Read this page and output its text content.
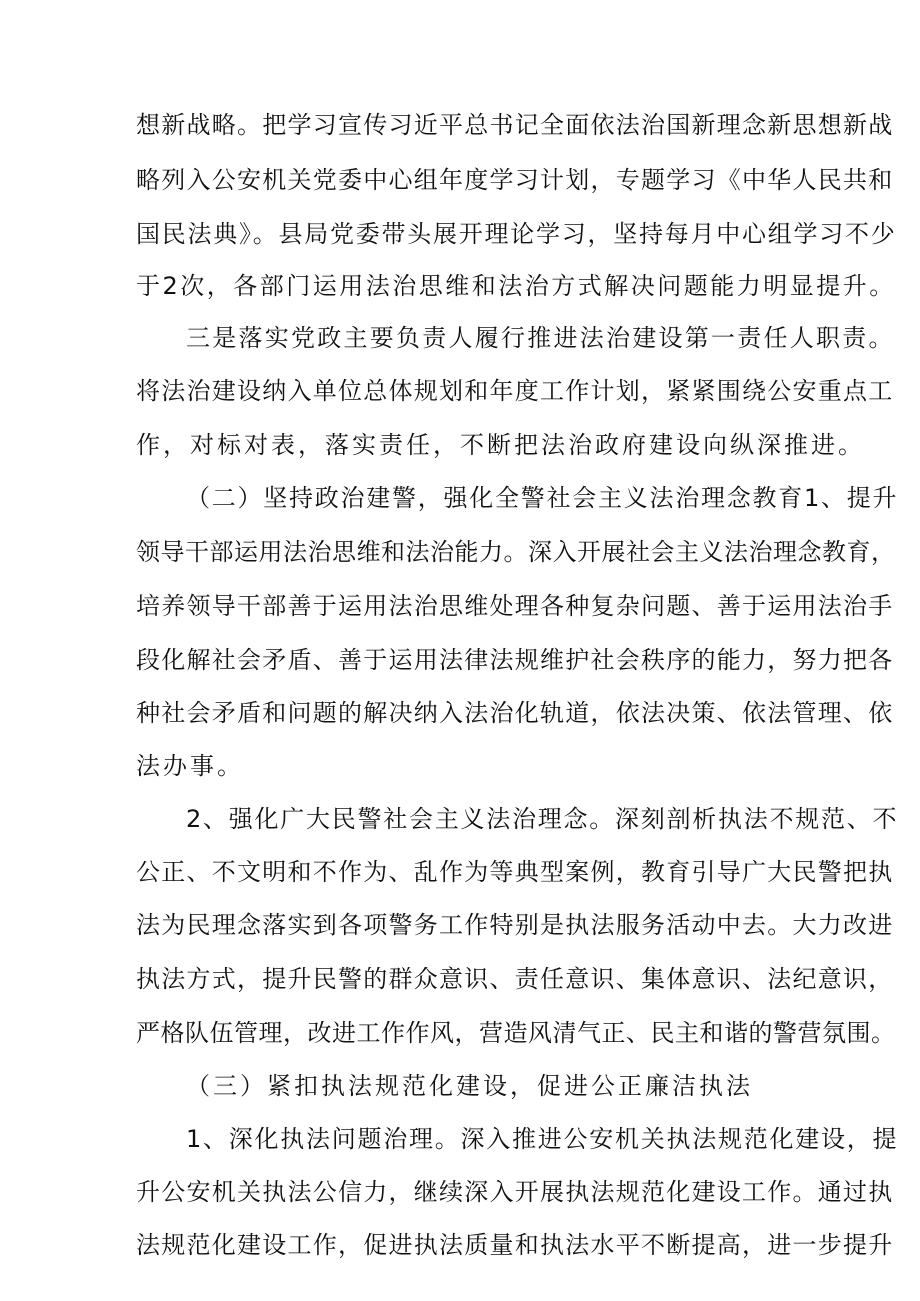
想新战略。把学习宣传习近平总书记全面依法治国新理念新思想新战
略列入公安机关党委中心组年度学习计划，专题学习《中华人民共和
国民法典》。县局党委带头展开理论学习，坚持每月中心组学习不少
于2次，各部门运用法治思维和法治方式解决问题能力明显提升。
三是落实党政主要负责人履行推进法治建设第一责任人职责。
将法治建设纳入单位总体规划和年度工作计划，紧紧围绕公安重点工
作，对标对表，落实责任，不断把法治政府建设向纵深推进。
（二）坚持政治建警，强化全警社会主义法治理念教育1、提升
领导干部运用法治思维和法治能力。深入开展社会主义法治理念教育，
培养领导干部善于运用法治思维处理各种复杂问题、善于运用法治手
段化解社会矛盾、善于运用法律法规维护社会秩序的能力，努力把各
种社会矛盾和问题的解决纳入法治化轨道，依法决策、依法管理、依
法办事。
2、强化广大民警社会主义法治理念。深刻剖析执法不规范、不
公正、不文明和不作为、乱作为等典型案例，教育引导广大民警把执
法为民理念落实到各项警务工作特别是执法服务活动中去。大力改进
执法方式，提升民警的群众意识、责任意识、集体意识、法纪意识，
严格队伍管理，改进工作作风，营造风清气正、民主和谐的警营氛围。
（三）紧扣执法规范化建设，促进公正廉洁执法
1、深化执法问题治理。深入推进公安机关执法规范化建设，提
升公安机关执法公信力，继续深入开展执法规范化建设工作。通过执
法规范化建设工作，促进执法质量和执法水平不断提高，进一步提升
